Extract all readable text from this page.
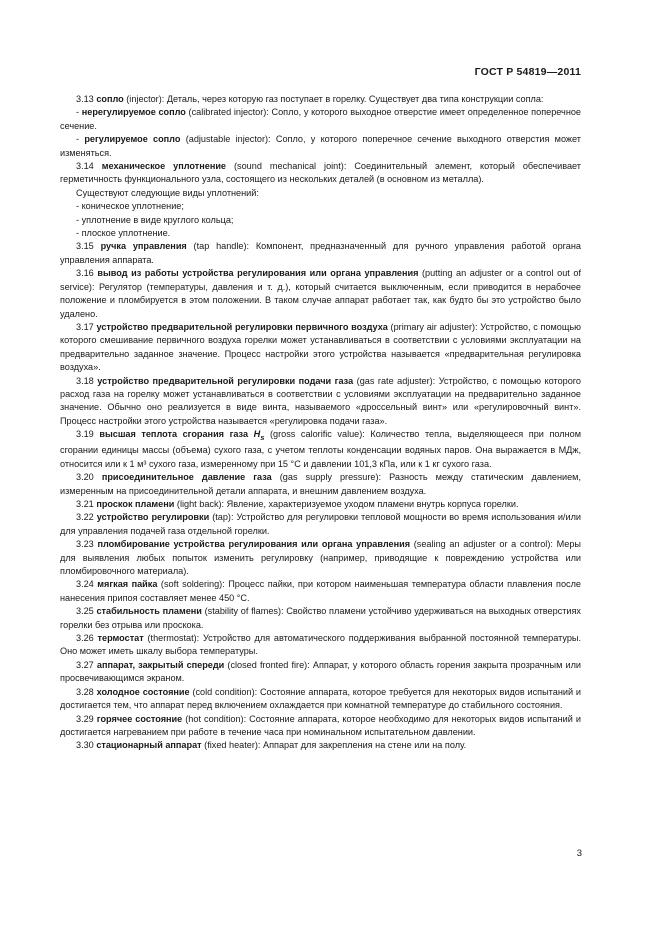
ГОСТ Р 54819—2011

3.13 сопло (injector): Деталь, через которую газ поступает в горелку. Существует два типа конструкции сопла:

- нерегулируемое сопло (calibrated injector): Сопло, у которого выходное отверстие имеет определенное поперечное сечение.

- регулируемое сопло (adjustable injector): Сопло, у которого поперечное сечение выходного отверстия может изменяться.

3.14 механическое уплотнение (sound mechanical joint): Соединительный элемент, который обеспечивает герметичность функционального узла, состоящего из нескольких деталей (в основном из металла).

Существуют следующие виды уплотнений:

- коническое уплотнение;

- уплотнение в виде круглого кольца;

- плоское уплотнение.

3.15 ручка управления (tap handle): Компонент, предназначенный для ручного управления работой органа управления аппарата.

3.16 вывод из работы устройства регулирования или органа управления (putting an adjuster or a control out of service): Регулятор (температуры, давления и т. д.), который считается выключенным, если приводится в нерабочее положение и пломбируется в этом положении. В таком случае аппарат работает так, как будто бы это устройство было удалено.

3.17 устройство предварительной регулировки первичного воздуха (primary air adjuster): Устройство, с помощью которого смешивание первичного воздуха горелки может устанавливаться в соответствии с условиями эксплуатации на предварительно заданное значение. Процесс настройки этого устройства называется «предварительная регулировка воздуха».

3.18 устройство предварительной регулировки подачи газа (gas rate adjuster): Устройство, с помощью которого расход газа на горелку может устанавливаться в соответствии с условиями эксплуатации на предварительно заданное значение. Обычно оно реализуется в виде винта, называемого «дроссельный винт» или «регулировочный винт». Процесс настройки этого устройства называется «регулировка подачи газа».

3.19 высшая теплота сгорания газа $H_s$ (gross calorific value): Количество тепла, выделяющееся при полном сгорании единицы массы (объема) сухого газа, с учетом теплоты конденсации водяных паров. Она выражается в МДж, относится или к 1 м³ сухого газа, измеренному при 15 °С и давлении 101,3 кПа, или к 1 кг сухого газа.

3.20 присоединительное давление газа (gas supply pressure): Разность между статическим давлением, измеренным на присоединительной детали аппарата, и внешним давлением воздуха.

3.21 проскок пламени (light back): Явление, характеризуемое уходом пламени внутрь корпуса горелки.

3.22 устройство регулировки (tap): Устройство для регулировки тепловой мощности во время использования и/или для управления подачей газа отдельной горелки.

3.23 пломбирование устройства регулирования или органа управления (sealing an adjuster or a control): Меры для выявления любых попыток изменить регулировку (например, приводящие к повреждению устройства или пломбировочного материала).

3.24 мягкая пайка (soft soldering): Процесс пайки, при котором наименьшая температура области плавления после нанесения припоя составляет менее 450 °С.

3.25 стабильность пламени (stability of flames): Свойство пламени устойчиво удерживаться на выходных отверстиях горелки без отрыва или проскока.

3.26 термостат (thermostat): Устройство для автоматического поддерживания выбранной постоянной температуры. Оно может иметь шкалу выбора температуры.

3.27 аппарат, закрытый спереди (closed fronted fire): Аппарат, у которого область горения закрыта прозрачным или просвечивающимся экраном.

3.28 холодное состояние (cold condition): Состояние аппарата, которое требуется для некоторых видов испытаний и достигается тем, что аппарат перед включением охлаждается при комнатной температуре до стабильного состояния.

3.29 горячее состояние (hot condition): Состояние аппарата, которое необходимо для некоторых видов испытаний и достигается нагреванием при работе в течение часа при номинальном испытательном давлении.

3.30 стационарный аппарат (fixed heater): Аппарат для закрепления на стене или на полу.

3
